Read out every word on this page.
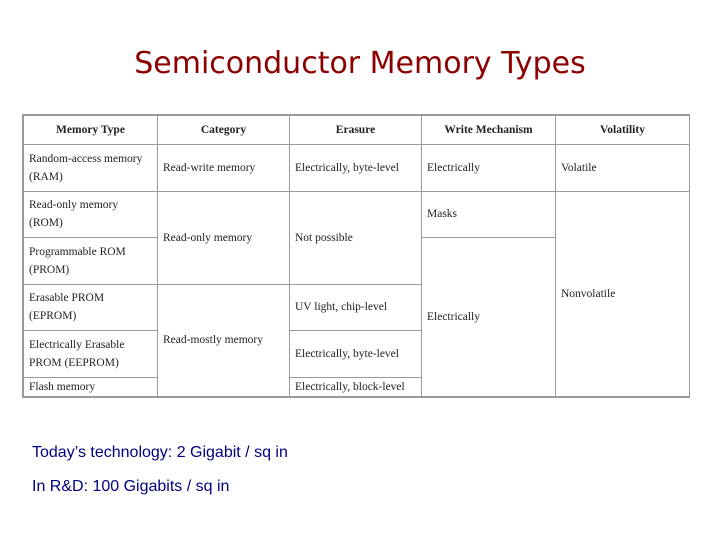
Semiconductor Memory Types
Memory Type	Category	Erasure	Write Mechanism	Volatility
Random-access memory (RAM)	Read-write memory	Electrically, byte-level	Electrically	Volatile
Read-only memory (ROM)	Read-only memory	Not possible	Masks	Nonvolatile
Programmable ROM (PROM)			Electrically	
Erasable PROM (EPROM)	Read-mostly memory	UV light, chip-level		
Electrically Erasable PROM (EEPROM)		Electrically, byte-level		
Flash memory		Electrically, block-level		
Today’s technology: 2 Gigabit / sq in
In R&D: 100 Gigabits / sq in
